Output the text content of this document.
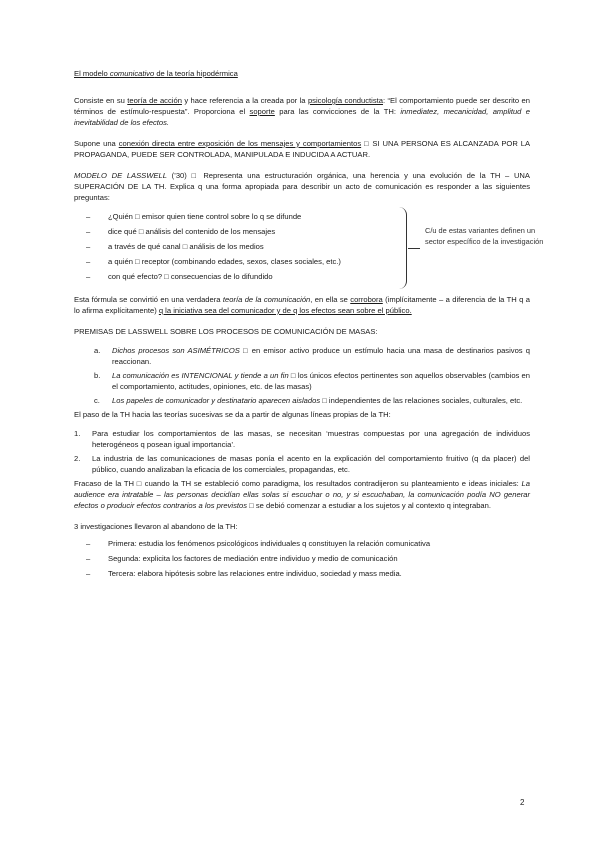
El modelo comunicativo de la teoría hipodérmica
Consiste en su teoría de acción y hace referencia a la creada por la psicología conductista: “El comportamiento puede ser descrito en términos de estímulo-respuesta”. Proporciona el soporte para las convicciones de la TH: inmediatez, mecanicidad, amplitud e inevitabilidad de los efectos.
Supone una conexión directa entre exposición de los mensajes y comportamientos □ SI UNA PERSONA ES ALCANZADA POR LA PROPAGANDA, PUEDE SER CONTROLADA, MANIPULADA E INDUCIDA A ACTUAR.
MODELO DE LASSWELL (’30) □ Representa una estructuración orgánica, una herencia y una evolución de la TH – UNA SUPERACIÓN DE LA TH. Explica q una forma apropiada para describir un acto de comunicación es responder a las siguientes preguntas:
– ¿Quién □ emisor quien tiene control sobre lo q se difunde
– dice qué □ análisis del contenido de los mensajes
– a través de qué canal □ análisis de los medios
– a quién □ receptor (combinando edades, sexos, clases sociales, etc.)
– con qué efecto? □ consecuencias de lo difundido
C/u de estas variantes definen un sector específico de la investigación
Esta fórmula se convirtió en una verdadera teoría de la comunicación, en ella se corrobora (implícitamente – a diferencia de la TH q a lo afirma explícitamente) q la iniciativa sea del comunicador y de q los efectos sean sobre el público.
PREMISAS DE LASSWELL SOBRE LOS PROCESOS DE COMUNICACIÓN DE MASAS:
a. Dichos procesos son ASIMÉTRICOS □ en emisor activo produce un estímulo hacia una masa de destinarios pasivos q reaccionan.
b. La comunicación es INTENCIONAL y tiende a un fin □ los únicos efectos pertinentes son aquellos observables (cambios en el comportamiento, actitudes, opiniones, etc. de las masas)
c. Los papeles de comunicador y destinatario aparecen aislados □ independientes de las relaciones sociales, culturales, etc.
El paso de la TH hacia las teorías sucesivas se da a partir de algunas líneas propias de la TH:
1. Para estudiar los comportamientos de las masas, se necesitan ‘muestras compuestas por una agregación de individuos heterogéneos q posean igual importancia’.
2. La industria de las comunicaciones de masas ponía el acento en la explicación del comportamiento fruitivo (q da placer) del público, cuando analizaban la eficacia de los comerciales, propagandas, etc.
Fracaso de la TH □ cuando la TH se estableció como paradigma, los resultados contradijeron su planteamiento e ideas iniciales: La audience era intratable – las personas decidían ellas solas si escuchar o no, y si escuchaban, la comunicación podía NO generar efectos o producir efectos contrarios a los previstos □ se debió comenzar a estudiar a los sujetos y al contexto q integraban.
3 investigaciones llevaron al abandono de la TH:
– Primera: estudia los fenómenos psicológicos individuales q constituyen la relación comunicativa
– Segunda: explicita los factores de mediación entre individuo y medio de comunicación
– Tercera: elabora hipótesis sobre las relaciones entre individuo, sociedad y mass media.
2
